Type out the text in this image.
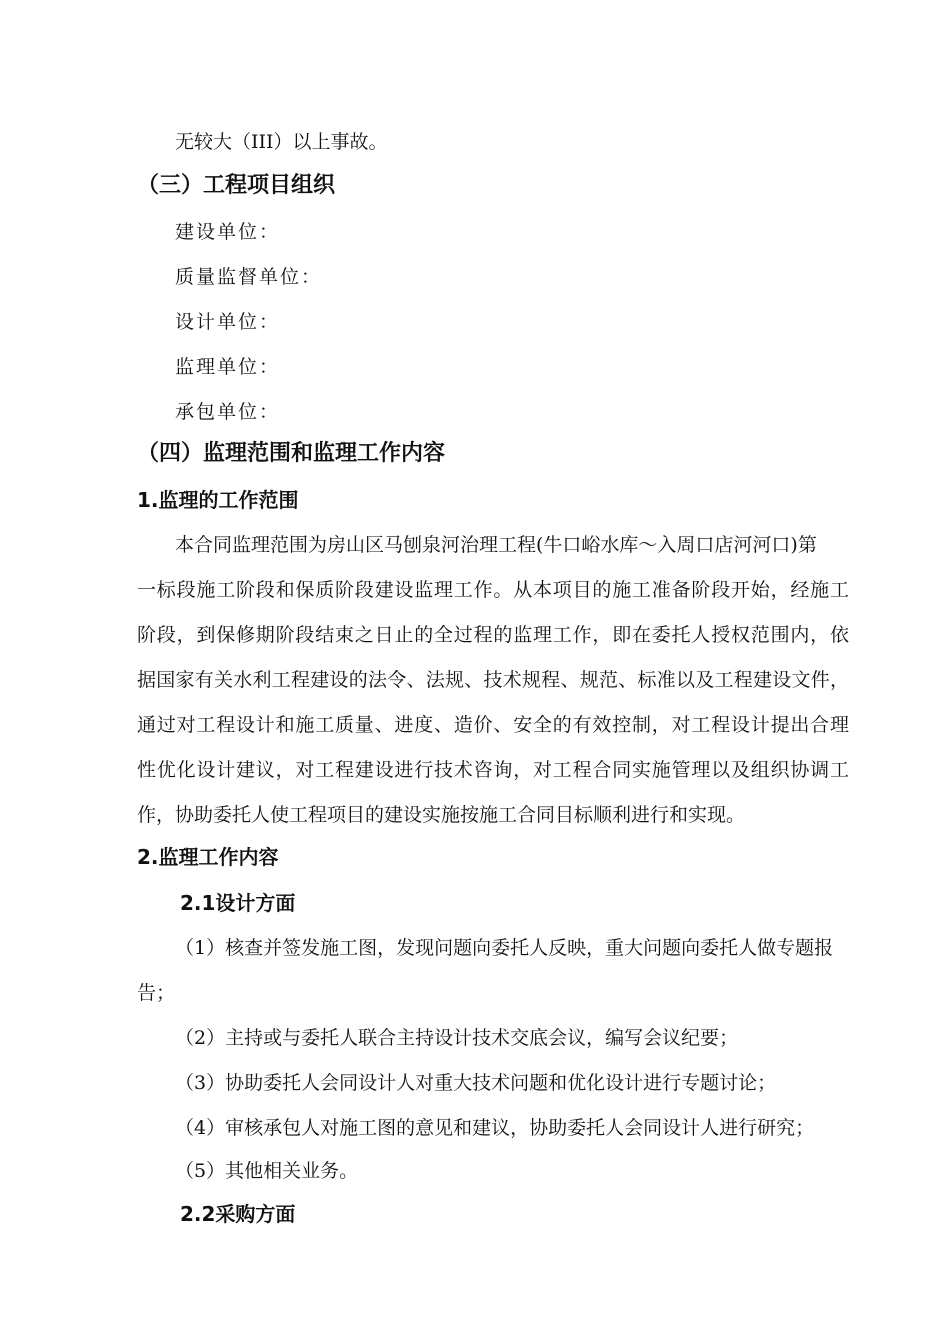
无较大（III）以上事故。
（三）工程项目组织
建设单位：
质量监督单位：
设计单位：
监理单位：
承包单位：
（四）监理范围和监理工作内容
1.监理的工作范围
本合同监理范围为房山区马刨泉河治理工程(牛口峪水库～入周口店河河口)第
一标段施工阶段和保质阶段建设监理工作。从本项目的施工准备阶段开始，经施工
阶段，到保修期阶段结束之日止的全过程的监理工作，即在委托人授权范围内，依
据国家有关水利工程建设的法令、法规、技术规程、规范、标准以及工程建设文件，
通过对工程设计和施工质量、进度、造价、安全的有效控制，对工程设计提出合理
性优化设计建议，对工程建设进行技术咨询，对工程合同实施管理以及组织协调工
作，协助委托人使工程项目的建设实施按施工合同目标顺利进行和实现。
2.监理工作内容
2.1设计方面
（1）核查并签发施工图，发现问题向委托人反映，重大问题向委托人做专题报
告；
（2）主持或与委托人联合主持设计技术交底会议，编写会议纪要；
（3）协助委托人会同设计人对重大技术问题和优化设计进行专题讨论；
（4）审核承包人对施工图的意见和建议，协助委托人会同设计人进行研究；
（5）其他相关业务。
2.2采购方面
